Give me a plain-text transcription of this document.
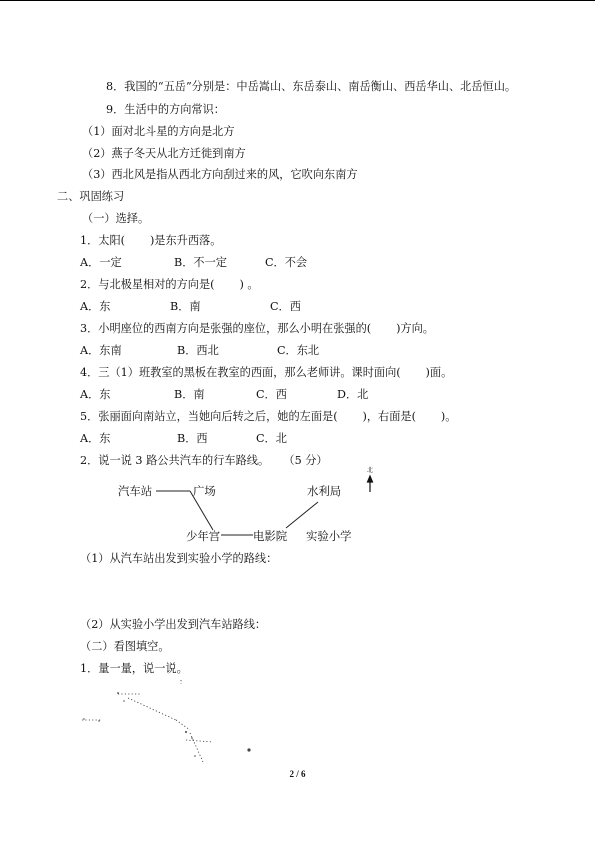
8．我国的“五岳”分别是：中岳嵩山、东岳泰山、南岳衡山、西岳华山、北岳恒山。
9．生活中的方向常识：
（1）面对北斗星的方向是北方
（2）燕子冬天从北方迁徙到南方
（3）西北风是指从西北方向刮过来的风，它吹向东南方
二、巩固练习
（一）选择。
1．太阳(       )是东升西落。
A．一定	B．不一定	C．不会
2．与北极星相对的方向是(       ) 。
A．东	B．南	C．西
3．小明座位的西南方向是张强的座位，那么小明在张强的(       )方向。
A．东南	B．西北	C．东北
4．三（1）班教室的黑板在教室的西面，那么老师讲。课时面向(       )面。
A．东	B．南	C．西	D．北
5．张丽面向南站立，当她向后转之后，她的左面是(       )，右面是(       )。
A．东	B．西	C．北
2．说一说 3 路公共汽车的行车路线。    （5 分）
北
汽车站	广场	水利局
少年宫	电影院 实验小学
（1）从汽车站出发到实验小学的路线：
（2）从实验小学出发到汽车站路线：
（二）看图填空。
1．量一量，说一说。
2 / 6
